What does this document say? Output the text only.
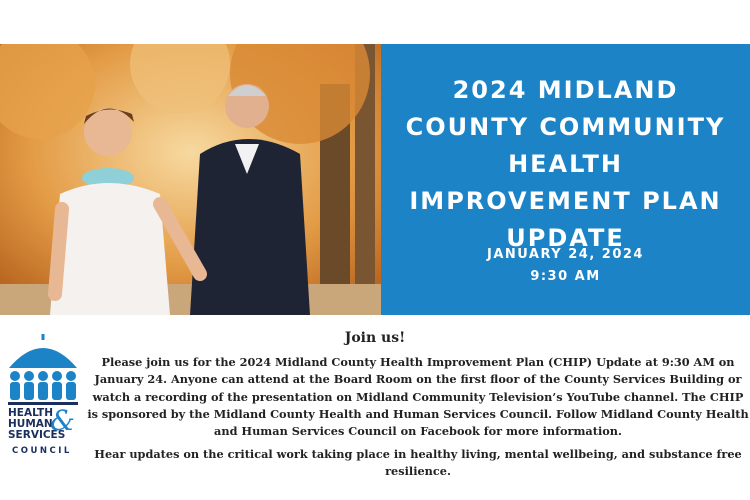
2024 MIDLAND COUNTY COMMUNITY HEALTH IMPROVEMENT PLAN UPDATE
JANUARY 24, 2024
9:30 AM
HEALTH
HUMAN
SERVICES
&
COUNCIL
Join us!
Please join us for the 2024 Midland County Health Improvement Plan (CHIP) Update at 9:30 AM on January 24. Anyone can attend at the Board Room on the first floor of the County Services Building or watch a recording of the presentation on Midland Community Television’s YouTube channel. The CHIP is sponsored by the Midland County Health and Human Services Council. Follow Midland County Health and Human Services Council on Facebook for more information.
Hear updates on the critical work taking place in healthy living, mental wellbeing, and substance free resilience.
